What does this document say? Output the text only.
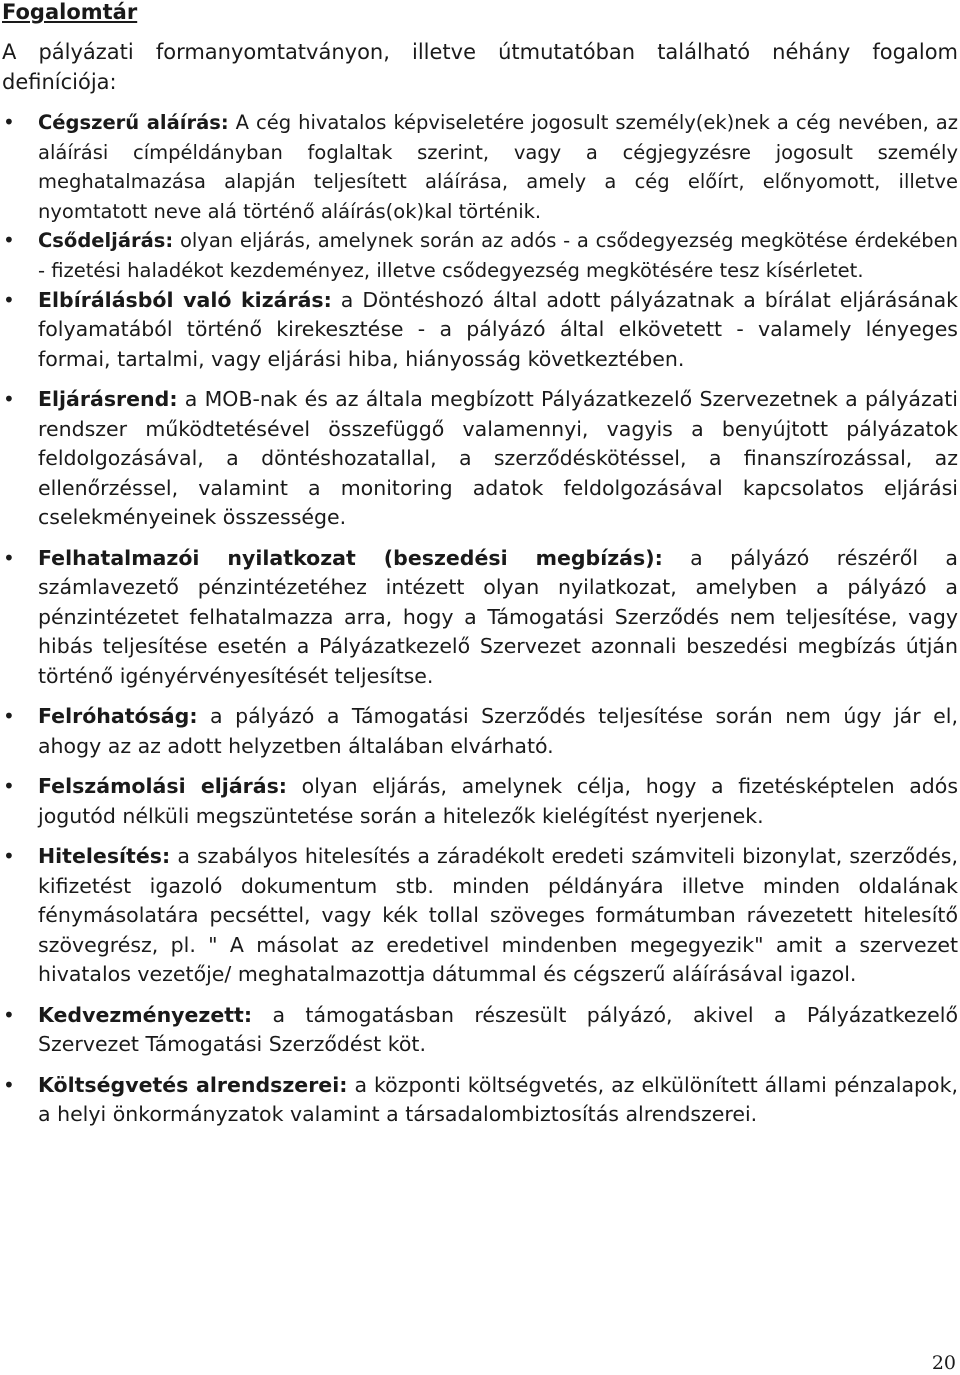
Fogalomtár

A pályázati formanyomtatványon, illetve útmutatóban található néhány fogalom definíciója:

• Cégszerű aláírás: A cég hivatalos képviseletére jogosult személy(ek)nek a cég nevében, az aláírási címpéldányban foglaltak szerint, vagy a cégjegyzésre jogosult személy meghatalmazása alapján teljesített aláírása, amely a cég előírt, előnyomott, illetve nyomtatott neve alá történő aláírás(ok)kal történik.
• Csődeljárás: olyan eljárás, amelynek során az adós - a csődegyezség megkötése érdekében - fizetési haladékot kezdeményez, illetve csődegyezség megkötésére tesz kísérletet.
• Elbírálásból való kizárás: a Döntéshozó által adott pályázatnak a bírálat eljárásának folyamatából történő kirekesztése - a pályázó által elkövetett - valamely lényeges formai, tartalmi, vagy eljárási hiba, hiányosság következtében.
• Eljárásrend: a MOB-nak és az általa megbízott Pályázatkezelő Szervezetnek a pályázati rendszer működtetésével összefüggő valamennyi, vagyis a benyújtott pályázatok feldolgozásával, a döntéshozatallal, a szerződéskötéssel, a finanszírozással, az ellenőrzéssel, valamint a monitoring adatok feldolgozásával kapcsolatos eljárási cselekményeinek összessége.
• Felhatalmazói nyilatkozat (beszedési megbízás): a pályázó részéről a számlavezető pénzintézetéhez intézett olyan nyilatkozat, amelyben a pályázó a pénzintézetet felhatalmazza arra, hogy a Támogatási Szerződés nem teljesítése, vagy hibás teljesítése esetén a Pályázatkezelő Szervezet azonnali beszedési megbízás útján történő igényérvényesítését teljesítse.
• Felróhatóság: a pályázó a Támogatási Szerződés teljesítése során nem úgy jár el, ahogy az az adott helyzetben általában elvárható.
• Felszámolási eljárás: olyan eljárás, amelynek célja, hogy a fizetésképtelen adós jogutód nélküli megszüntetése során a hitelezők kielégítést nyerjenek.
• Hitelesítés: a szabályos hitelesítés a záradékolt eredeti számviteli bizonylat, szerződés, kifizetést igazoló dokumentum stb. minden példányára illetve minden oldalának fénymásolatára pecséttel, vagy kék tollal szöveges formátumban rávezetett hitelesítő szövegrész, pl. " A másolat az eredetivel mindenben megegyezik" amit a szervezet hivatalos vezetője/ meghatalmazottja dátummal és cégszerű aláírásával igazol.
• Kedvezményezett: a támogatásban részesült pályázó, akivel a Pályázatkezelő Szervezet Támogatási Szerződést köt.
• Költségvetés alrendszerei: a központi költségvetés, az elkülönített állami pénzalapok, a helyi önkormányzatok valamint a társadalombiztosítás alrendszerei.
20
